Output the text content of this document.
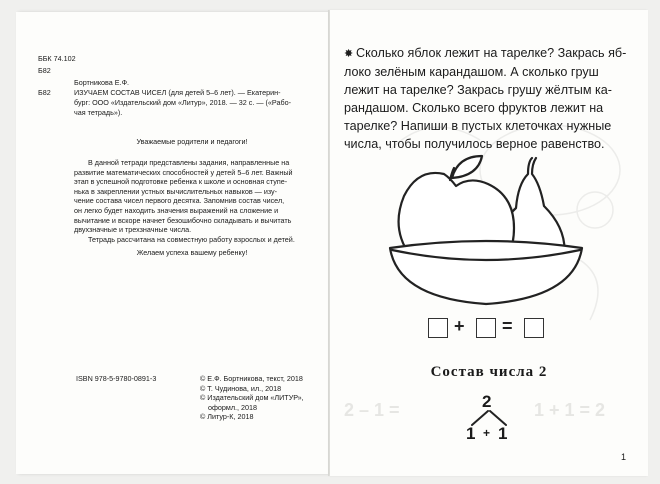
ББК 74.102
Б82
Б82
Бортникова Е.Ф.
ИЗУЧАЕМ СОСТАВ ЧИСЕЛ (для детей 5–6 лет). — Екатерин-
бург: ООО «Издательский дом «Литур», 2018. — 32 с. — («Рабо-
чая тетрадь»).
Уважаемые родители и педагоги!
В данной тетради представлены задания, направленные на
развитие математических способностей у детей 5–6 лет. Важный
этап в успешной подготовке ребенка к школе и основная ступе-
нька в закреплении устных вычислительных навыков — изу-
чение состава чисел первого десятка. Запомнив состав чисел,
он легко будет находить значения выражений на сложение и
вычитание и вскоре начнет безошибочно складывать и вычитать
двухзначные и трехзначные числа.
Тетрадь рассчитана на совместную работу взрослых и детей.
Желаем успеха вашему ребенку!
ISBN 978-5-9780-0891-3	© Е.Ф. Бортникова, текст, 2018
© Т. Чудинова, ил., 2018
© Издательский дом «ЛИТУР»,
оформл., 2018
© Литур-К, 2018
✸ Сколько яблок лежит на тарелке? Закрась яб-
локо зелёным карандашом. А сколько груш
лежит на тарелке? Закрась грушу жёлтым ка-
рандашом. Сколько всего фруктов лежит на
тарелке? Напиши в пустых клеточках нужные
числа, чтобы получилось верное равенство.
+ =
Состав числа 2
2 – 1 =	1 + 1 = 2
2
1 + 1
1
